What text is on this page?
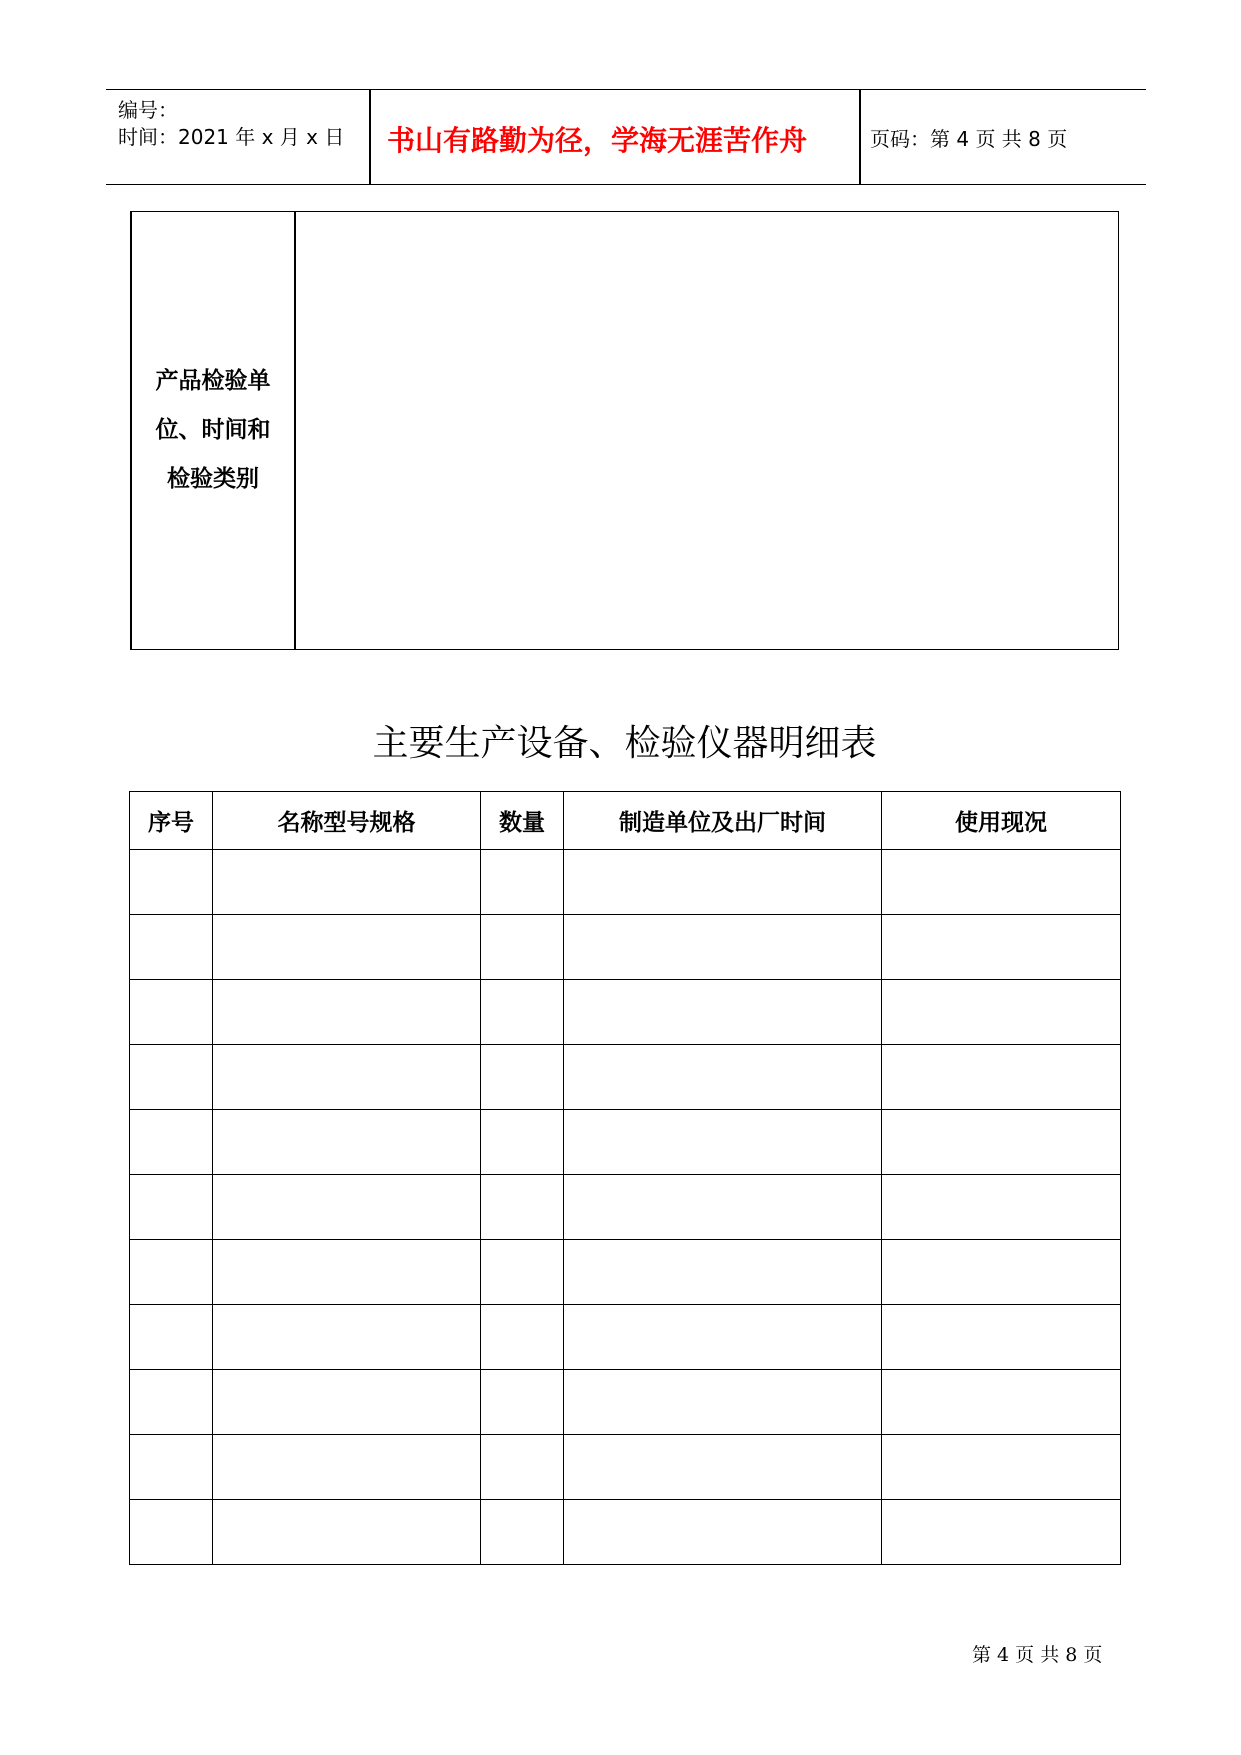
编号：
时间：2021 年 x 月 x 日	书山有路勤为径，学海无涯苦作舟	页码：第 4 页 共 8 页
产品检验单
位、时间和
检验类别
主要生产设备、检验仪器明细表
序号	名称型号规格	数量	制造单位及出厂时间	使用现况

第 4 页 共 8 页
